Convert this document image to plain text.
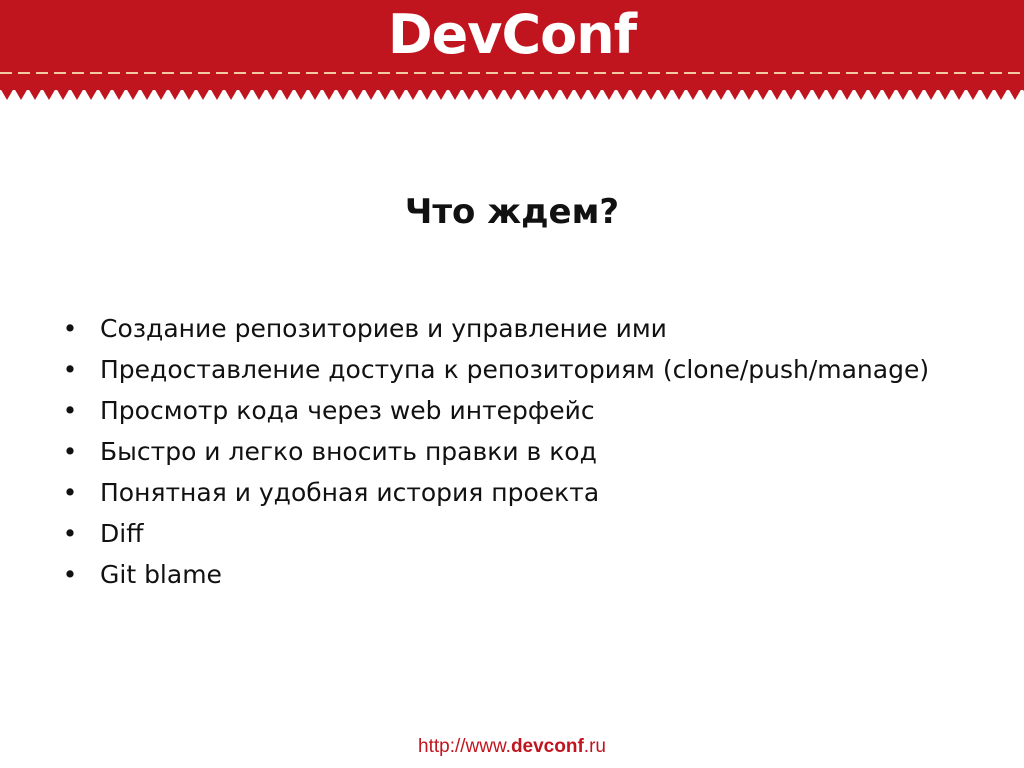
DevConf
Что ждем?
• Создание репозиториев и управление ими
• Предоставление доступа к репозиториям (clone/push/manage)
• Просмотр кода через web интерфейс
• Быстро и легко вносить правки в код
• Понятная и удобная история проекта
• Diff
• Git blame
http://www.devconf.ru
